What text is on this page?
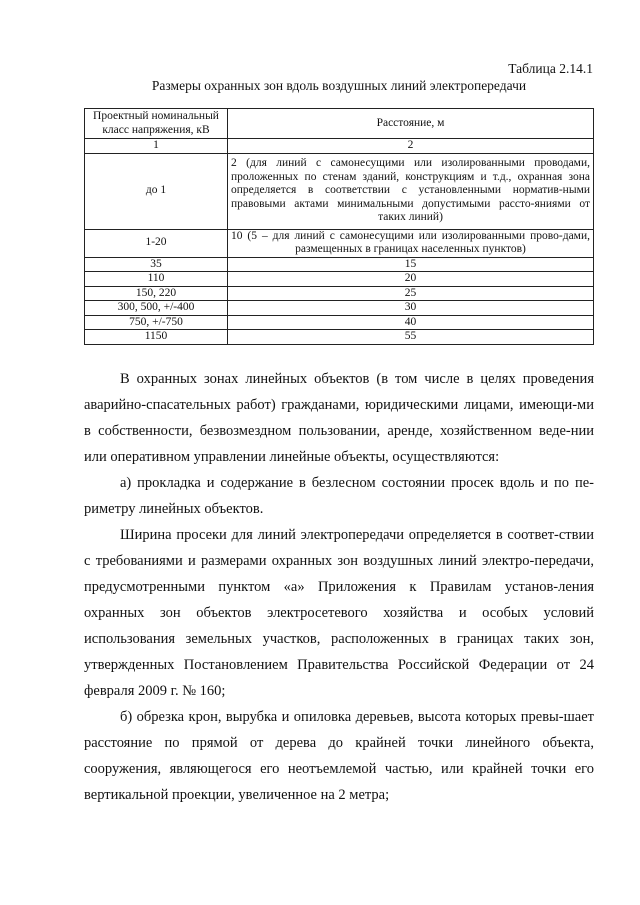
Таблица 2.14.1
Размеры охранных зон вдоль воздушных линий электропередачи
Проектный номинальный класс напряжения, кВ	Расстояние, м
1	2
до 1	2 (для линий с самонесущими или изолированными проводами, проложенных по стенам зданий, конструкциям и т.д., охранная зона определяется в соответствии с установленными норматив-ными правовыми актами минимальными допустимыми рассто-яниями от таких линий)
1-20	10 (5 – для линий с самонесущими или изолированными прово-дами, размещенных в границах населенных пунктов)
35	15
110	20
150, 220	25
300, 500, +/-400	30
750, +/-750	40
1150	55

В охранных зонах линейных объектов (в том числе в целях проведения аварийно-спасательных работ) гражданами, юридическими лицами, имеющи-ми в собственности, безвозмездном пользовании, аренде, хозяйственном веде-нии или оперативном управлении линейные объекты, осуществляются:

а) прокладка и содержание в безлесном состоянии просек вдоль и по пе-риметру линейных объектов.

Ширина просеки для линий электропередачи определяется в соответ-ствии с требованиями и размерами охранных зон воздушных линий электро-передачи, предусмотренными пунктом «а» Приложения к Правилам установ-ления охранных зон объектов электросетевого хозяйства и особых условий использования земельных участков, расположенных в границах таких зон, утвержденных Постановлением Правительства Российской Федерации от 24 февраля 2009 г. № 160;

б) обрезка крон, вырубка и опиловка деревьев, высота которых превы-шает расстояние по прямой от дерева до крайней точки линейного объекта, сооружения, являющегося его неотъемлемой частью, или крайней точки его вертикальной проекции, увеличенное на 2 метра;
